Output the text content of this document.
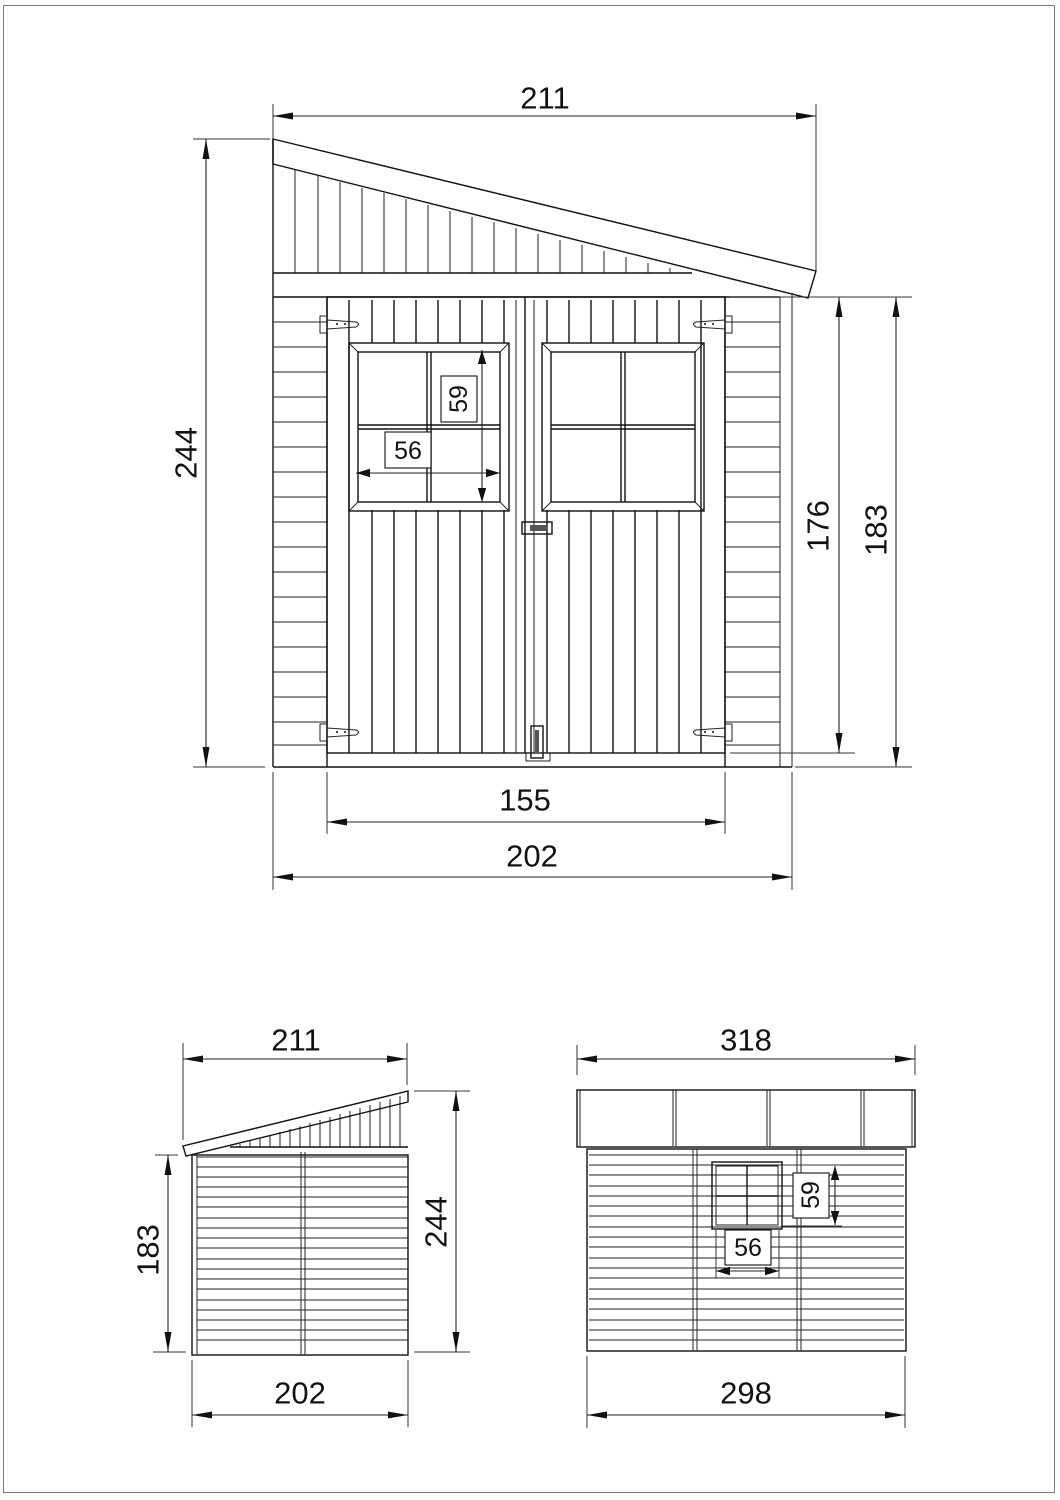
59
56
211
244
176 183
155
202
211
183
244
202
59
56
318
298
